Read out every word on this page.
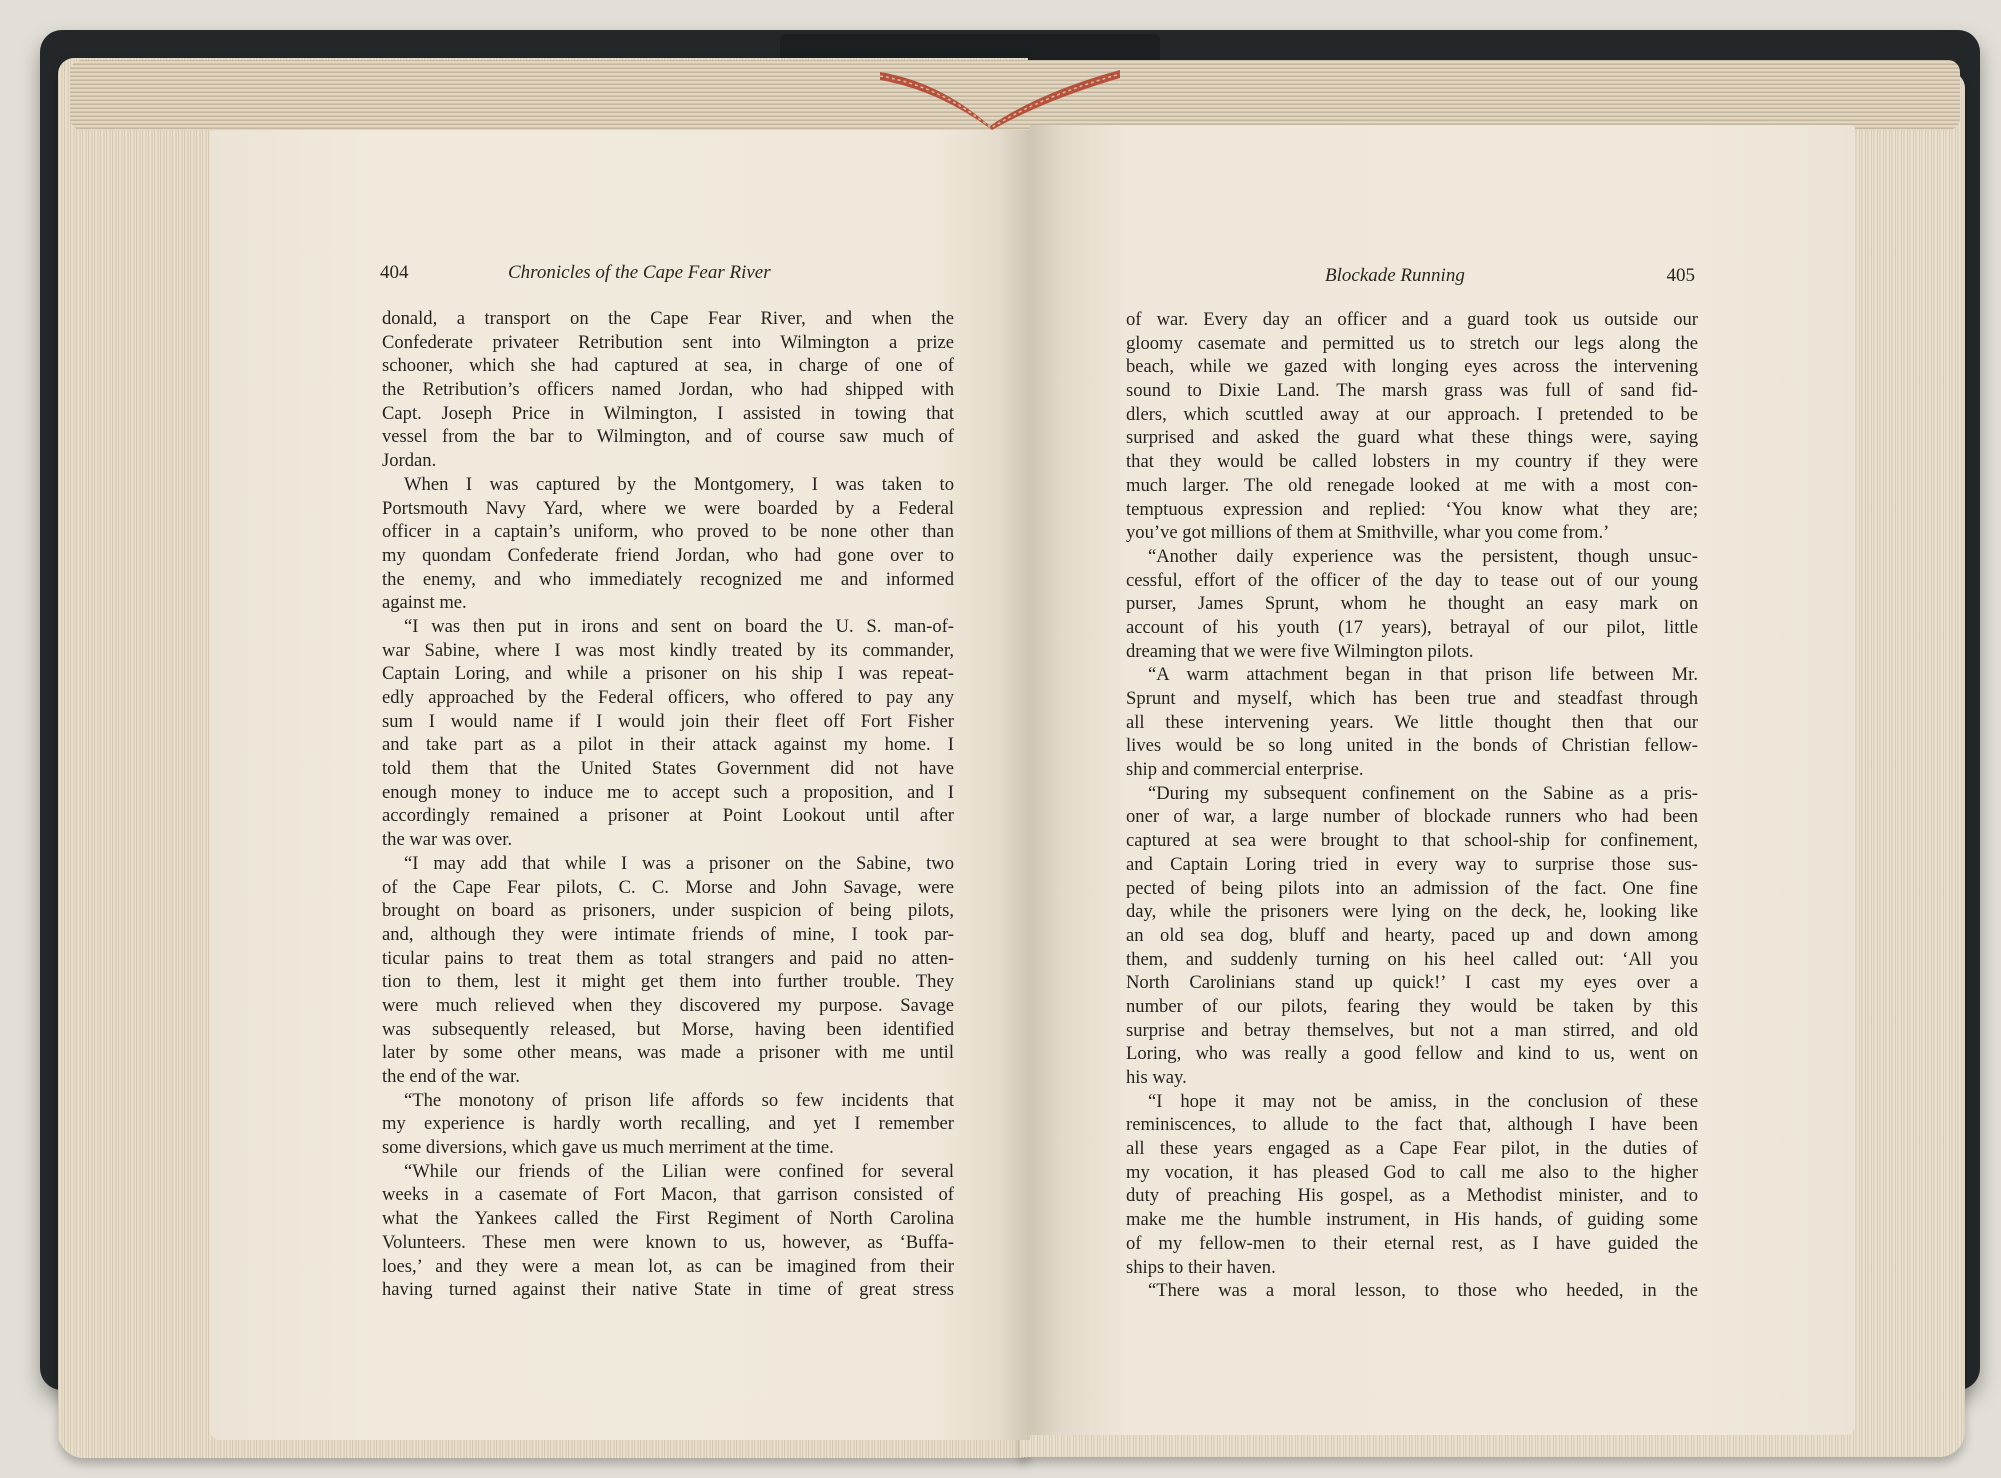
404	Chronicles of the Cape Fear River
donald, a transport on the Cape Fear River, and when the
Confederate privateer Retribution sent into Wilmington a prize
schooner, which she had captured at sea, in charge of one of
the Retribution’s officers named Jordan, who had shipped with
Capt. Joseph Price in Wilmington, I assisted in towing that
vessel from the bar to Wilmington, and of course saw much of
Jordan.
When I was captured by the Montgomery, I was taken to
Portsmouth Navy Yard, where we were boarded by a Federal
officer in a captain’s uniform, who proved to be none other than
my quondam Confederate friend Jordan, who had gone over to
the enemy, and who immediately recognized me and informed
against me.
“I was then put in irons and sent on board the U. S. man-of-
war Sabine, where I was most kindly treated by its commander,
Captain Loring, and while a prisoner on his ship I was repeat-
edly approached by the Federal officers, who offered to pay any
sum I would name if I would join their fleet off Fort Fisher
and take part as a pilot in their attack against my home. I
told them that the United States Government did not have
enough money to induce me to accept such a proposition, and I
accordingly remained a prisoner at Point Lookout until after
the war was over.
“I may add that while I was a prisoner on the Sabine, two
of the Cape Fear pilots, C. C. Morse and John Savage, were
brought on board as prisoners, under suspicion of being pilots,
and, although they were intimate friends of mine, I took par-
ticular pains to treat them as total strangers and paid no atten-
tion to them, lest it might get them into further trouble. They
were much relieved when they discovered my purpose. Savage
was subsequently released, but Morse, having been identified
later by some other means, was made a prisoner with me until
the end of the war.
“The monotony of prison life affords so few incidents that
my experience is hardly worth recalling, and yet I remember
some diversions, which gave us much merriment at the time.
“While our friends of the Lilian were confined for several
weeks in a casemate of Fort Macon, that garrison consisted of
what the Yankees called the First Regiment of North Carolina
Volunteers. These men were known to us, however, as ‘Buffa-
loes,’ and they were a mean lot, as can be imagined from their
having turned against their native State in time of great stress
Blockade Running	405
of war. Every day an officer and a guard took us outside our
gloomy casemate and permitted us to stretch our legs along the
beach, while we gazed with longing eyes across the intervening
sound to Dixie Land. The marsh grass was full of sand fid-
dlers, which scuttled away at our approach. I pretended to be
surprised and asked the guard what these things were, saying
that they would be called lobsters in my country if they were
much larger. The old renegade looked at me with a most con-
temptuous expression and replied: ‘You know what they are;
you’ve got millions of them at Smithville, whar you come from.’
“Another daily experience was the persistent, though unsuc-
cessful, effort of the officer of the day to tease out of our young
purser, James Sprunt, whom he thought an easy mark on
account of his youth (17 years), betrayal of our pilot, little
dreaming that we were five Wilmington pilots.
“A warm attachment began in that prison life between Mr.
Sprunt and myself, which has been true and steadfast through
all these intervening years. We little thought then that our
lives would be so long united in the bonds of Christian fellow-
ship and commercial enterprise.
“During my subsequent confinement on the Sabine as a pris-
oner of war, a large number of blockade runners who had been
captured at sea were brought to that school-ship for confinement,
and Captain Loring tried in every way to surprise those sus-
pected of being pilots into an admission of the fact. One fine
day, while the prisoners were lying on the deck, he, looking like
an old sea dog, bluff and hearty, paced up and down among
them, and suddenly turning on his heel called out: ‘All you
North Carolinians stand up quick!’ I cast my eyes over a
number of our pilots, fearing they would be taken by this
surprise and betray themselves, but not a man stirred, and old
Loring, who was really a good fellow and kind to us, went on
his way.
“I hope it may not be amiss, in the conclusion of these
reminiscences, to allude to the fact that, although I have been
all these years engaged as a Cape Fear pilot, in the duties of
my vocation, it has pleased God to call me also to the higher
duty of preaching His gospel, as a Methodist minister, and to
make me the humble instrument, in His hands, of guiding some
of my fellow-men to their eternal rest, as I have guided the
ships to their haven.
“There was a moral lesson, to those who heeded, in the
